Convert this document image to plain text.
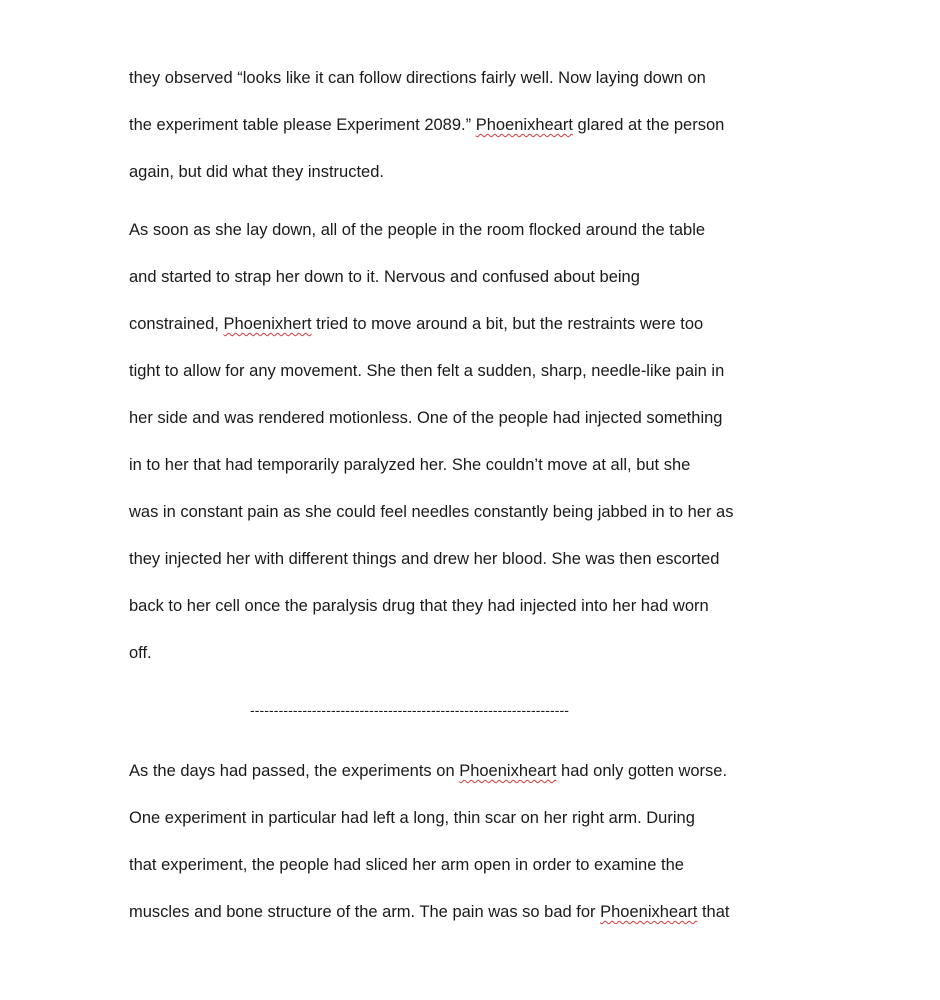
they observed “looks like it can follow directions fairly well. Now laying down on
the experiment table please Experiment 2089.” Phoenixheart glared at the person
again, but did what they instructed.
As soon as she lay down, all of the people in the room flocked around the table
and started to strap her down to it. Nervous and confused about being
constrained, Phoenixhert tried to move around a bit, but the restraints were too
tight to allow for any movement. She then felt a sudden, sharp, needle-like pain in
her side and was rendered motionless. One of the people had injected something
in to her that had temporarily paralyzed her. She couldn’t move at all, but she
was in constant pain as she could feel needles constantly being jabbed in to her as
they injected her with different things and drew her blood. She was then escorted
back to her cell once the paralysis drug that they had injected into her had worn
off.
-------------------------------------------------------------------
As the days had passed, the experiments on Phoenixheart had only gotten worse.
One experiment in particular had left a long, thin scar on her right arm. During
that experiment, the people had sliced her arm open in order to examine the
muscles and bone structure of the arm. The pain was so bad for Phoenixheart that
